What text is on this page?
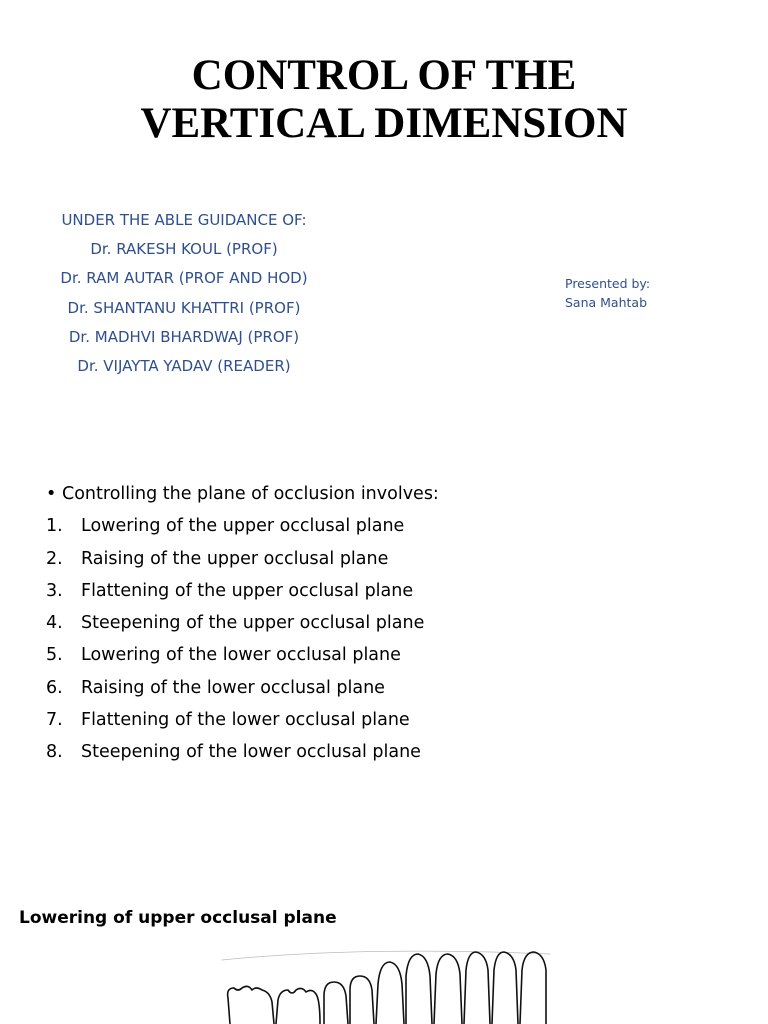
CONTROL OF THE
VERTICAL DIMENSION
UNDER THE ABLE GUIDANCE OF:
Dr. RAKESH KOUL (PROF)
Dr. RAM AUTAR (PROF AND HOD)
Dr. SHANTANU KHATTRI (PROF)
Dr. MADHVI BHARDWAJ (PROF)
Dr. VIJAYTA YADAV (READER)
Presented by:
Sana Mahtab
• Controlling the plane of occlusion involves:
1. Lowering of the upper occlusal plane
2. Raising of the upper occlusal plane
3. Flattening of the upper occlusal plane
4. Steepening of the upper occlusal plane
5. Lowering of the lower occlusal plane
6. Raising of the lower occlusal plane
7. Flattening of the lower occlusal plane
8. Steepening of the lower occlusal plane
Lowering of upper occlusal plane
